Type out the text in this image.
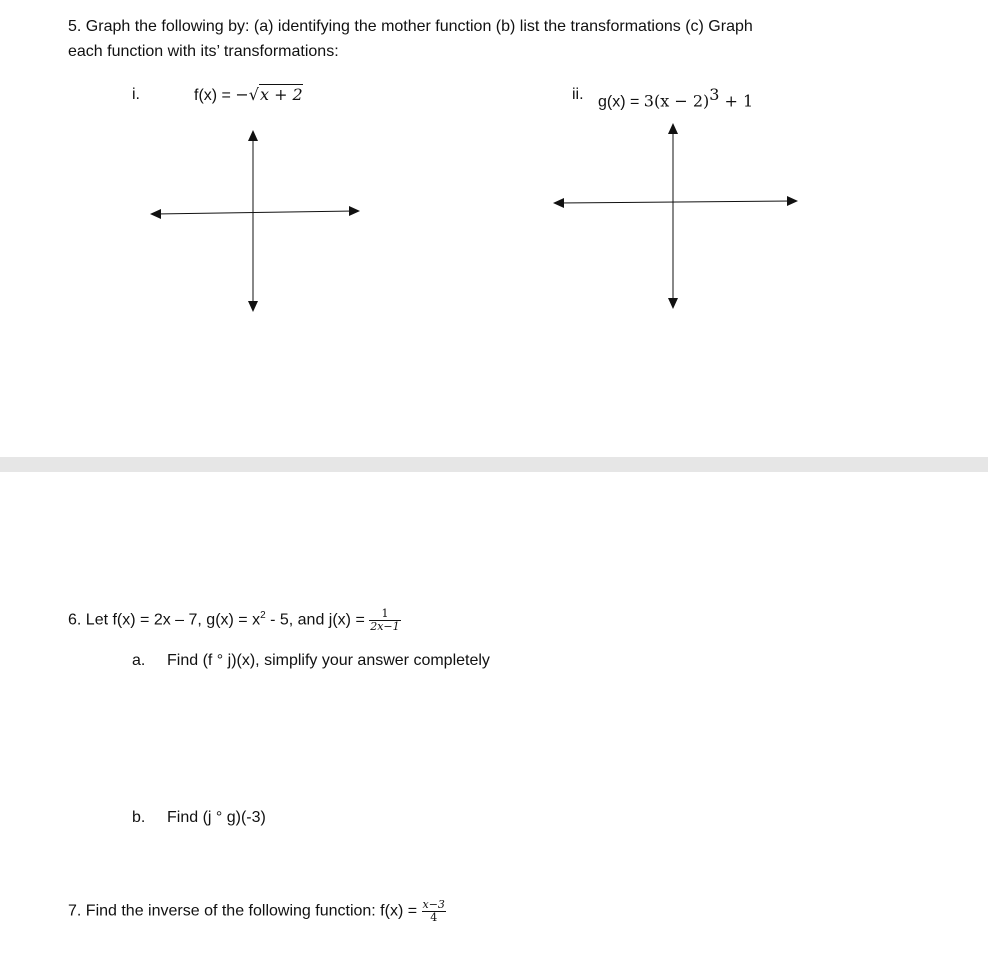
5. Graph the following by: (a) identifying the mother function (b) list the transformations (c) Graph
each function with its’ transformations:
i.	f(x) = −√x + 2	ii. $g(x) = 3(x - 2)^3 + 1$
6. Let f(x) = 2x – 7, $g(x) = x^2 - 5$, and $j(x) = \frac{1}{2x-1}$
a. Find (f ° j)(x), simplify your answer completely
b. Find (j ° g)(-3)
7. Find the inverse of the following function: $f(x) = \frac{x-3}{4}$
